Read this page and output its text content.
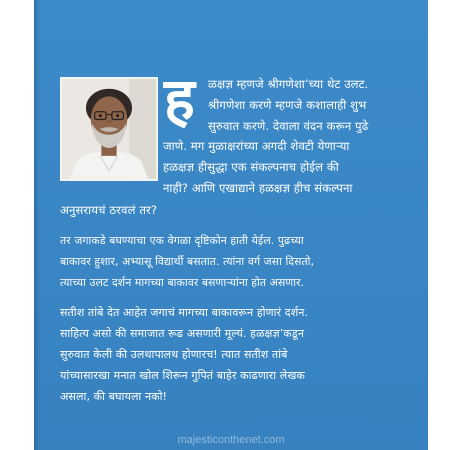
ह ळक्षज्ञ म्हणजे श्रीगणेशा’च्या थेट उलट.
श्रीगणेशा करणे म्हणजे कशालाही शुभ
सुरुवात करणे. देवाला वंदन करून पुढे
जाणे. मग मुळाक्षरांच्या अगदी शेवटी येणाऱ्या
हळक्षज्ञ हीसुद्धा एक संकल्पनाच होईल की
नाही? आणि एखाद्याने हळक्षज्ञ हीच संकल्पना
अनुसरायचं ठरवलं तर?
तर जगाकडे बघण्याचा एक वेगळा दृष्टिकोन हाती येईल. पुढच्या
बाकावर हुशार, अभ्यासू विद्यार्थी बसतात. त्यांना वर्ग जसा दिसतो,
त्याच्या उलट दर्शन मागच्या बाकावर बसणाऱ्यांना होत असणार.
सतीश तांबे देत आहेत जगाचं मागच्या बाकावरून होणारं दर्शन.
साहित्य असो की समाजात रूढ असणारी मूल्यं. हळक्षज्ञ’कडून
सुरुवात केली की उलथापालथ होणारच! त्यात सतीश तांबे
यांच्यासारखा मनात खोल शिरून गुपितं बाहेर काढणारा लेखक
असला, की बघायला नको!
majesticonthenet.com
